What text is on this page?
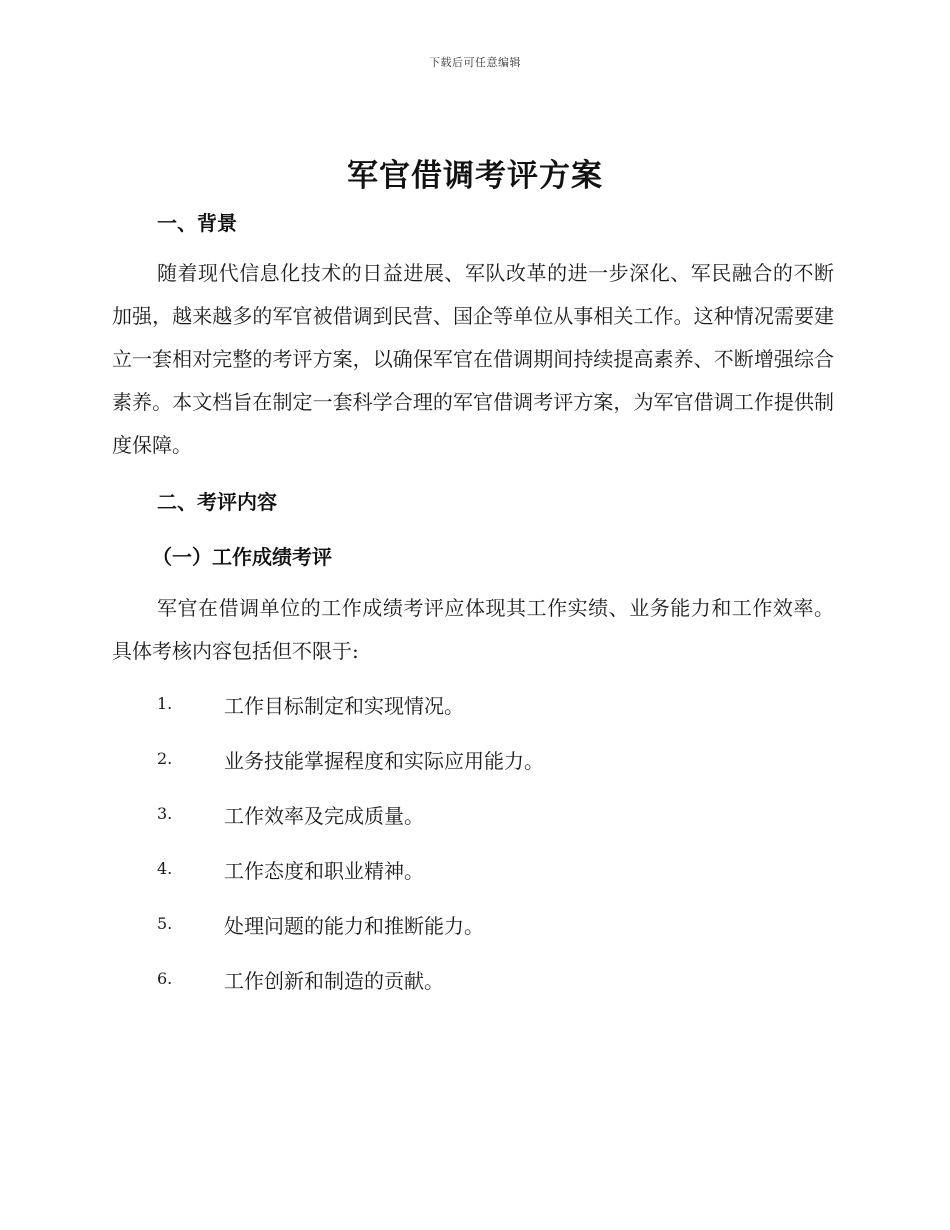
下载后可任意编辑
军官借调考评方案
一、背景

随着现代信息化技术的日益进展、军队改革的进一步深化、军民融合的不断加强，越来越多的军官被借调到民营、国企等单位从事相关工作。这种情况需要建立一套相对完整的考评方案，以确保军官在借调期间持续提高素养、不断增强综合素养。本文档旨在制定一套科学合理的军官借调考评方案，为军官借调工作提供制度保障。

二、考评内容
（一）工作成绩考评

军官在借调单位的工作成绩考评应体现其工作实绩、业务能力和工作效率。具体考核内容包括但不限于:

1.	工作目标制定和实现情况。
2.	业务技能掌握程度和实际应用能力。
3.	工作效率及完成质量。
4.	工作态度和职业精神。
5.	处理问题的能力和推断能力。
6.	工作创新和制造的贡献。
